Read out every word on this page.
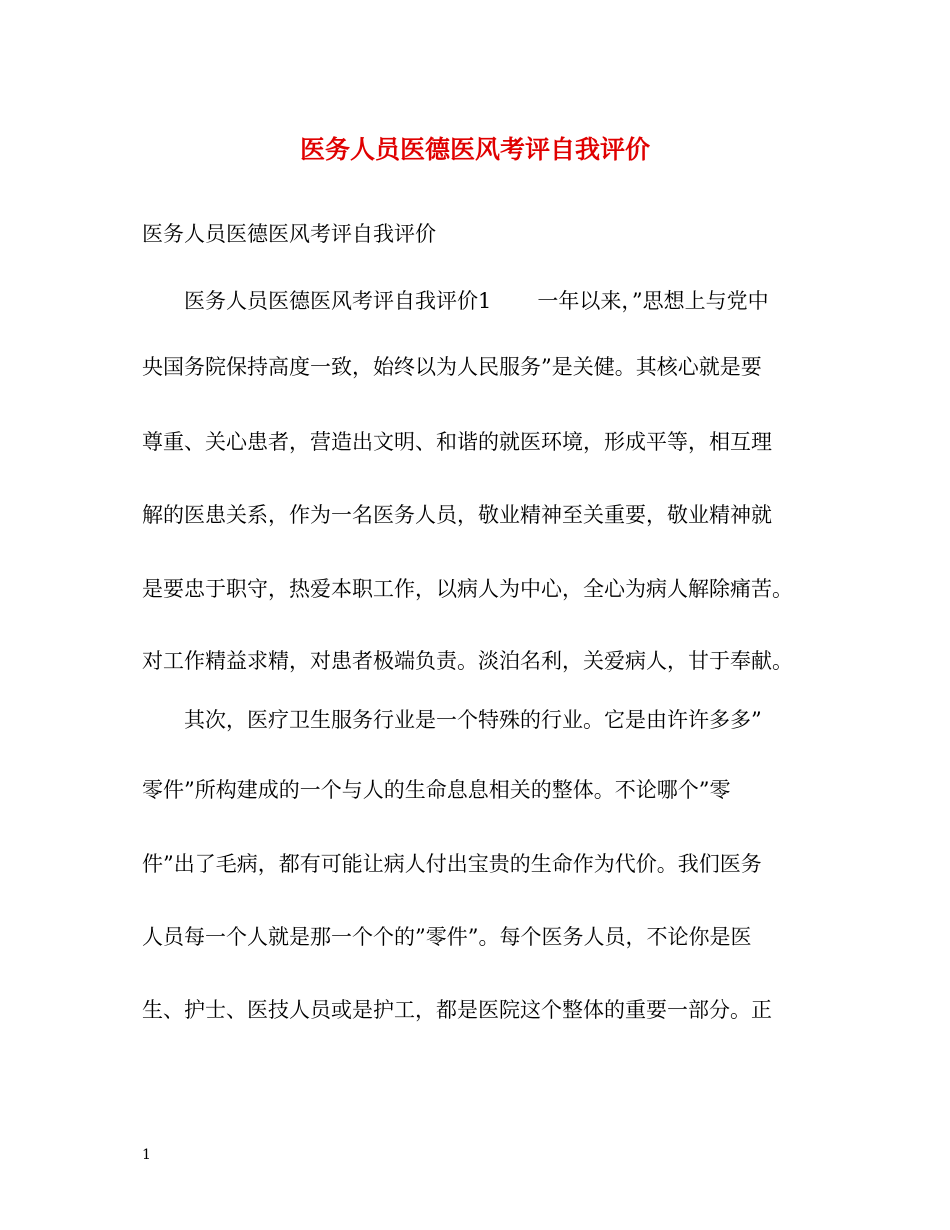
医务人员医德医风考评自我评价
医务人员医德医风考评自我评价
医务人员医德医风考评自我评价1 一年以来，”思想上与党中
央国务院保持高度一致，始终以为人民服务”是关健。其核心就是要
尊重、关心患者，营造出文明、和谐的就医环境，形成平等，相互理
解的医患关系，作为一名医务人员，敬业精神至关重要，敬业精神就
是要忠于职守，热爱本职工作，以病人为中心，全心为病人解除痛苦。
对工作精益求精，对患者极端负责。淡泊名利，关爱病人，甘于奉献。
其次，医疗卫生服务行业是一个特殊的行业。它是由许许多多”
零件”所构建成的一个与人的生命息息相关的整体。不论哪个”零
件”出了毛病，都有可能让病人付出宝贵的生命作为代价。我们医务
人员每一个人就是那一个个的”零件”。每个医务人员，不论你是医
生、护士、医技人员或是护工，都是医院这个整体的重要一部分。正
1
